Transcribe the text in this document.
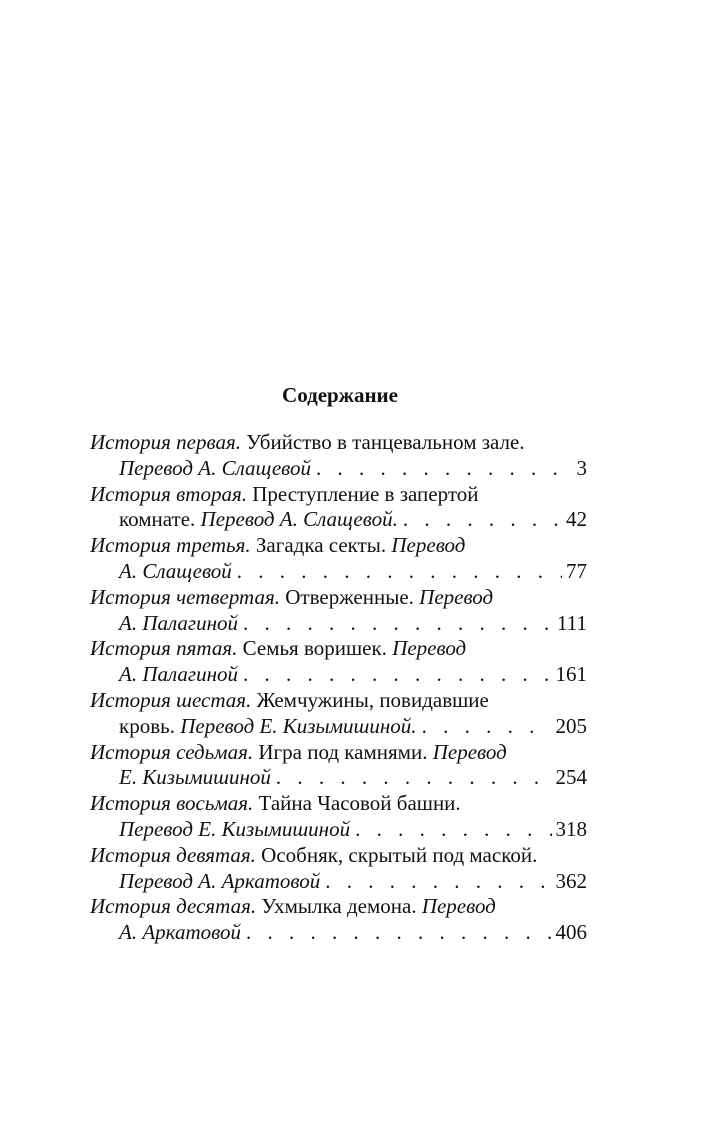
Содержание
История первая. Убийство в танцевальном зале.
Перевод А. Слащевой . . .	3
История вторая. Преступление в запертой
комнате. Перевод А. Слащевой. . . .	42
История третья. Загадка секты. Перевод
А. Слащевой . . .	77
История четвертая. Отверженные. Перевод
А. Палагиной . . .	111
История пятая. Семья воришек. Перевод
А. Палагиной . . .	161
История шестая. Жемчужины, повидавшие
кровь. Перевод Е. Кизымишиной. . . .	205
История седьмая. Игра под камнями. Перевод
Е. Кизымишиной . . .	254
История восьмая. Тайна Часовой башни.
Перевод Е. Кизымишиной . . .	318
История девятая. Особняк, скрытый под маской.
Перевод А. Аркатовой . . .	362
История десятая. Ухмылка демона. Перевод
А. Аркатовой . . .	406
